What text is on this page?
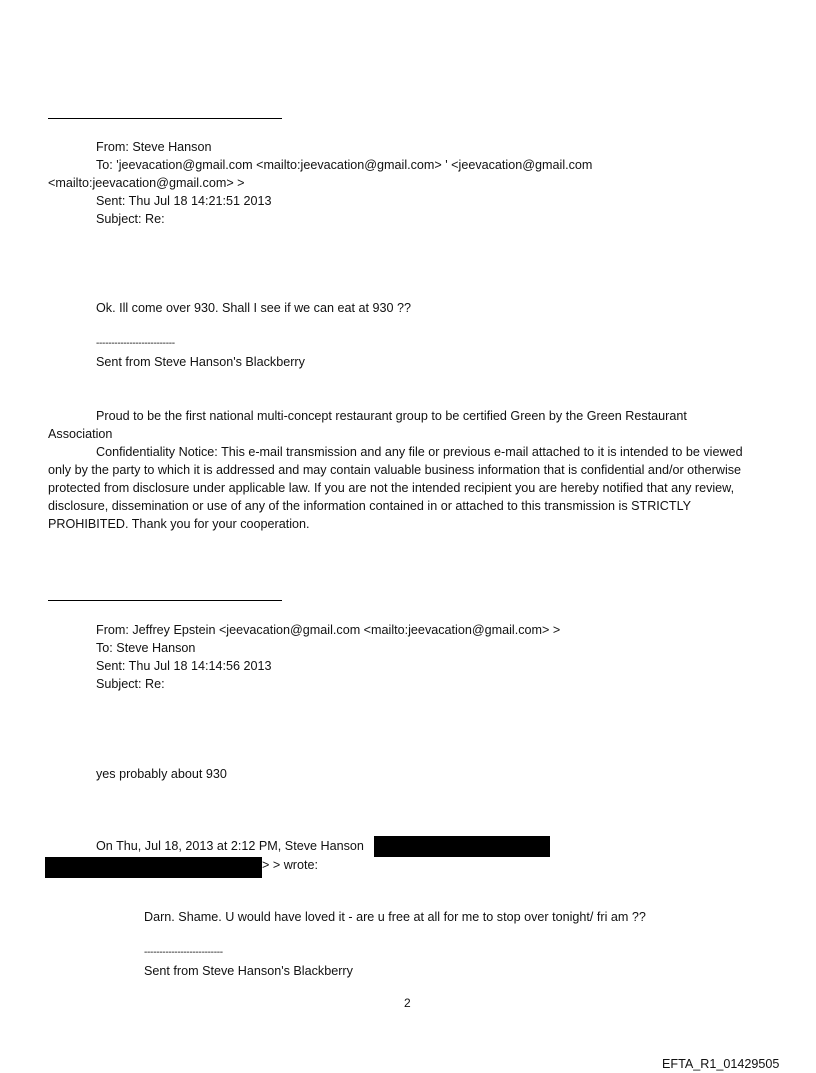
From: Steve Hanson
To: 'jeevacation@gmail.com <mailto:jeevacation@gmail.com> ' <jeevacation@gmail.com
<mailto:jeevacation@gmail.com> >
Sent: Thu Jul 18 14:21:51 2013
Subject: Re:
Ok. Ill come over 930. Shall I see if we can eat at 930 ??
--------------------------
Sent from Steve Hanson's Blackberry
Proud to be the first national multi-concept restaurant group to be certified Green by the Green Restaurant
Association
Confidentiality Notice: This e-mail transmission and any file or previous e-mail attached to it is intended to be viewed only by the party to which it is addressed and may contain valuable business information that is confidential and/or otherwise protected from disclosure under applicable law. If you are not the intended recipient you are hereby notified that any review, disclosure, dissemination or use of any of the information contained in or attached to this transmission is STRICTLY PROHIBITED. Thank you for your cooperation.
From: Jeffrey Epstein <jeevacation@gmail.com <mailto:jeevacation@gmail.com> >
To: Steve Hanson
Sent: Thu Jul 18 14:14:56 2013
Subject: Re:
yes probably about 930
On Thu, Jul 18, 2013 at 2:12 PM, Steve Hanson
> > wrote:
Darn. Shame. U would have loved it - are u free at all for me to stop over tonight/ fri am ??
--------------------------
Sent from Steve Hanson's Blackberry
2
EFTA_R1_01429505
